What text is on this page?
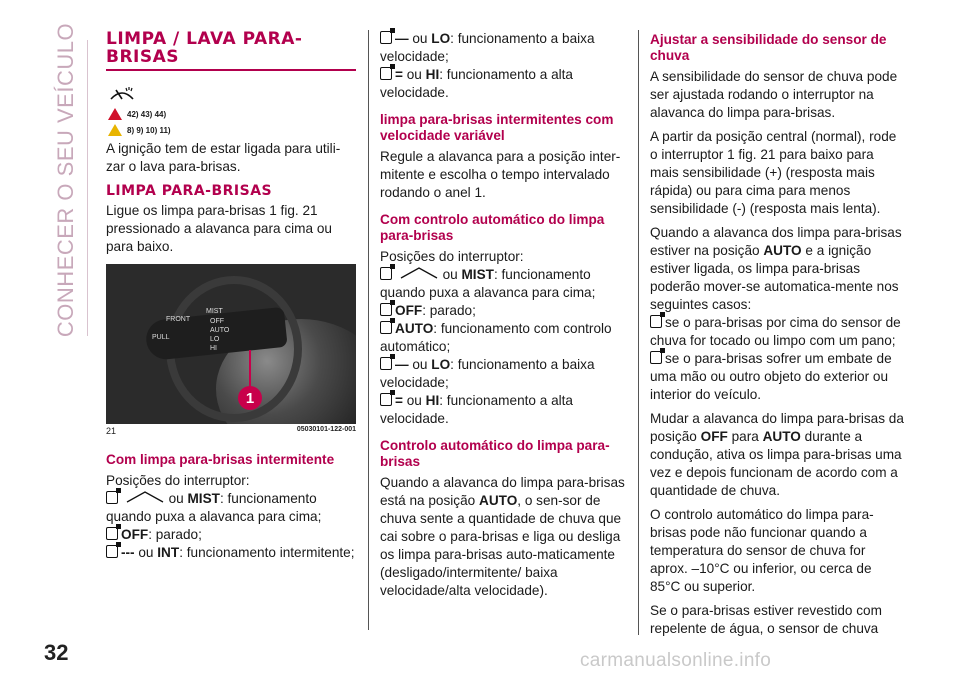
CONHECER O SEU VEÍCULO LIMPA / LAVA PARA-BRISAS
42) 43) 44)
8) 9) 10) 11)

A ignição tem de estar ligada para utili-zar o lava para-brisas.

LIMPA PARA-BRISAS

Ligue os limpa para-brisas 1 fig. 21 pressionado a alavanca para cima ou para baixo.

FRONT
MIST
OFF
AUTO
LO
HI
PULL
1
21	05030101-122-001
Com limpa para-brisas intermitente

Posições do interruptor:

ou MIST: funcionamento quando puxa a alavanca para cima;

OFF: parado;

--- ou INT: funcionamento intermitente;

— ou LO: funcionamento a baixa velocidade;

= ou HI: funcionamento a alta velocidade.

limpa para-brisas intermitentes com velocidade variável

Regule a alavanca para a posição inter-mitente e escolha o tempo intervalado rodando o anel 1.

Com controlo automático do limpa para-brisas

Posições do interruptor:

ou MIST: funcionamento quando puxa a alavanca para cima;

OFF: parado;

AUTO: funcionamento com controlo automático;

— ou LO: funcionamento a baixa velocidade;

= ou HI: funcionamento a alta velocidade.

Controlo automático do limpa para-brisas

Quando a alavanca do limpa para-brisas está na posição AUTO, o sen-sor de chuva sente a quantidade de chuva que cai sobre o para-brisas e liga ou desliga os limpa para-brisas auto-maticamente (desligado/intermitente/ baixa velocidade/alta velocidade).

Ajustar a sensibilidade do sensor de chuva

A sensibilidade do sensor de chuva pode ser ajustada rodando o interruptor na alavanca do limpa para-brisas.

A partir da posição central (normal), rode o interruptor 1 fig. 21 para baixo para mais sensibilidade (+) (resposta mais rápida) ou para cima para menos sensibilidade (-) (resposta mais lenta).

Quando a alavanca dos limpa para-brisas estiver na posição AUTO e a ignição estiver ligada, os limpa para-brisas poderão mover-se automatica-mente nos seguintes casos:

se o para-brisas por cima do sensor de chuva for tocado ou limpo com um pano;

se o para-brisas sofrer um embate de uma mão ou outro objeto do exterior ou interior do veículo.

Mudar a alavanca do limpa para-brisas da posição OFF para AUTO durante a condução, ativa os limpa para-brisas uma vez e depois funcionam de acordo com a quantidade de chuva.

O controlo automático do limpa para-brisas pode não funcionar quando a temperatura do sensor de chuva for aprox. –10°C ou inferior, ou cerca de 85°C ou superior.

Se o para-brisas estiver revestido com repelente de água, o sensor de chuva

32	carmanualsonline.info
